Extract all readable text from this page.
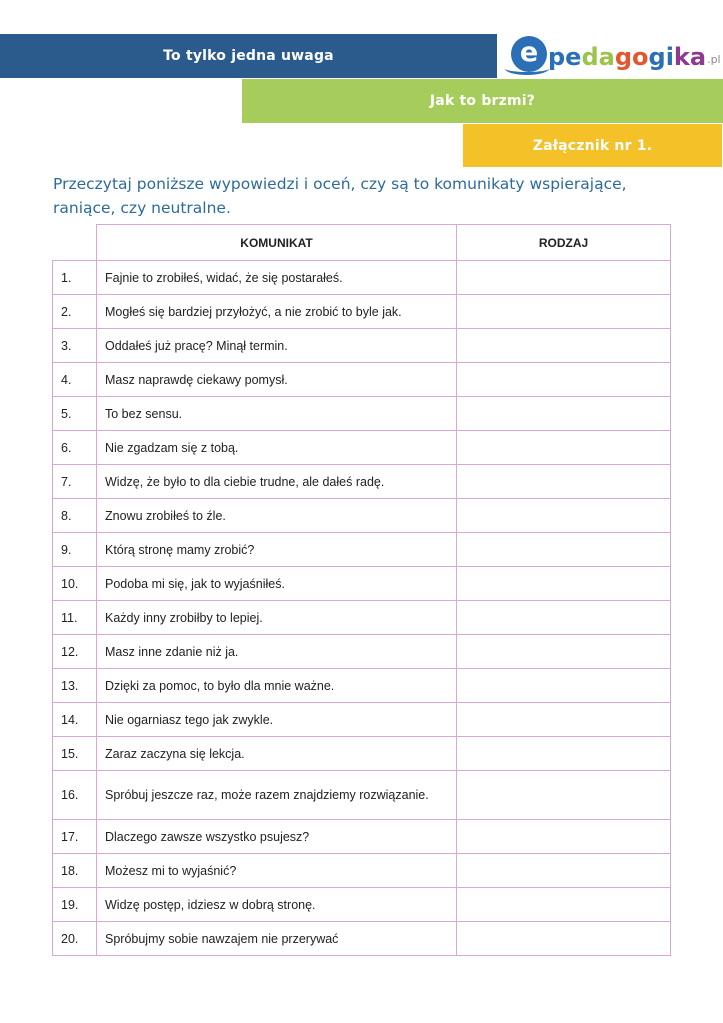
To tylko jedna uwaga
Jak to brzmi?
Załącznik nr 1.
e pedagogika .pl
Przeczytaj poniższe wypowiedzi i oceń, czy są to komunikaty wspierające, raniące, czy neutralne.
	KOMUNIKAT	RODZAJ
1.	Fajnie to zrobiłeś, widać, że się postarałeś.	
2.	Mogłeś się bardziej przyłożyć, a nie zrobić to byle jak.	
3.	Oddałeś już pracę? Minął termin.	
4.	Masz naprawdę ciekawy pomysł.	
5.	To bez sensu.	
6.	Nie zgadzam się z tobą.	
7.	Widzę, że było to dla ciebie trudne, ale dałeś radę.	
8.	Znowu zrobiłeś to źle.	
9.	Którą stronę mamy zrobić?	
10.	Podoba mi się, jak to wyjaśniłeś.	
11.	Każdy inny zrobiłby to lepiej.	
12.	Masz inne zdanie niż ja.	
13.	Dzięki za pomoc, to było dla mnie ważne.	
14.	Nie ogarniasz tego jak zwykle.	
15.	Zaraz zaczyna się lekcja.	
16.	Spróbuj jeszcze raz, może razem znajdziemy rozwiązanie.	
17.	Dlaczego zawsze wszystko psujesz?	
18.	Możesz mi to wyjaśnić?	
19.	Widzę postęp, idziesz w dobrą stronę.	
20.	Spróbujmy sobie nawzajem nie przerywać	
